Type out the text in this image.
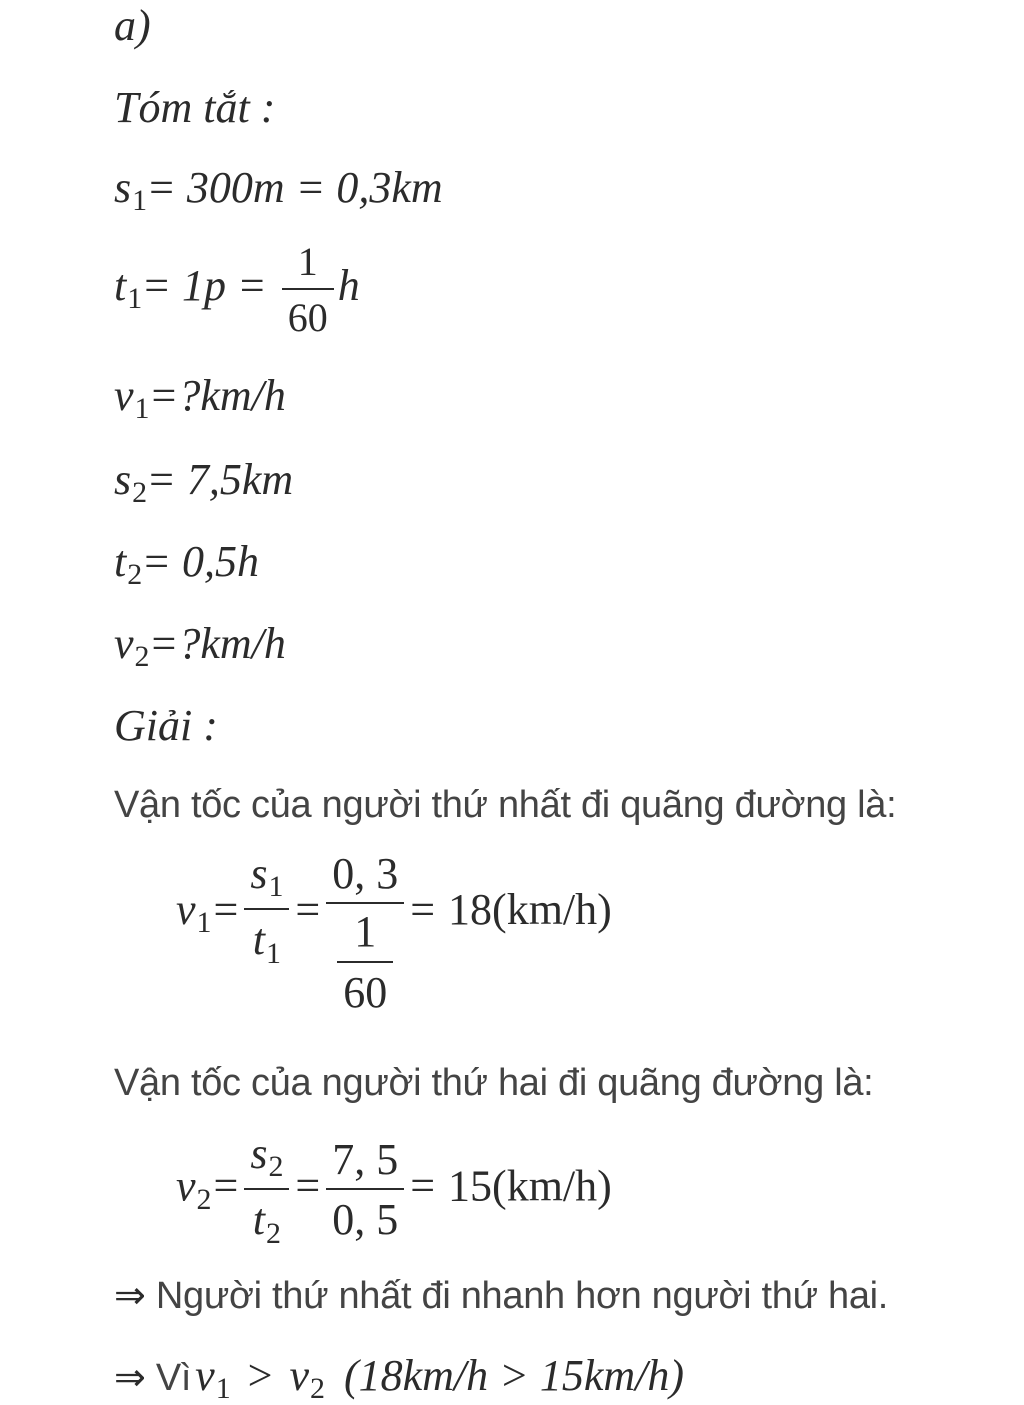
a)
Tóm tắt :
$s_1= 300m = 0,3km$
$t_1= 1p = \frac{1}{60}$ h
$v_1=?km/h$
$s_2= 7,5km$
$t_2= 0,5h$
$v_2=?km/h$
Giải :
Vận tốc của người thứ nhất đi quãng đường là:
$v_1= \frac{s_1}{t_1} = \frac{0, 3}{\frac{1}{60}} = 18(km/h)$
Vận tốc của người thứ hai đi quãng đường là:
$v_2= \frac{s_2}{t_2} = \frac{7, 5}{0, 5} = 15(km/h)$
⇒ Người thứ nhất đi nhanh hơn người thứ hai.
⇒ Vì $v_1 > v_2$ (18km/h > 15km/h)
